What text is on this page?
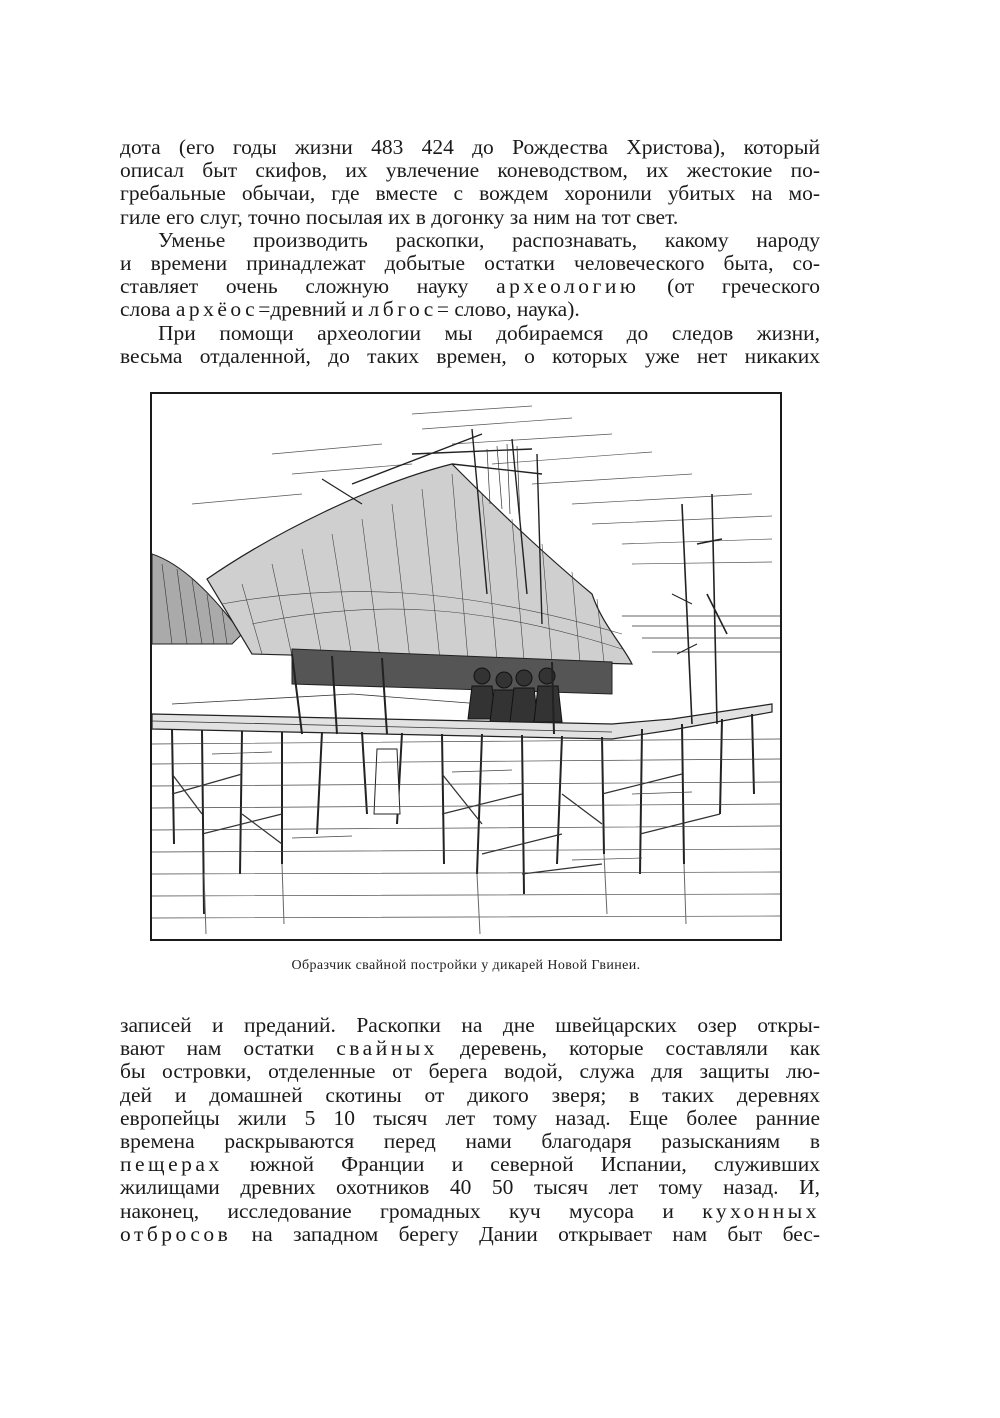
дота (его годы жизни 483 424 до Рождества Христова), который
описал быт скифов, их увлечение коневодством, их жестокие по-
гребальные обычаи, где вместе с вождем хоронили убитых на мо-
гиле его слуг, точно посылая их в догонку за ним на тот свет.
Уменье производить раскопки, распознавать, какому народу
и времени принадлежат добытые остатки человеческого быта, со-
ставляет очень сложную науку археологию (от греческого
слова архёос=древний и лбгос= слово, наука).
При помощи археологии мы добираемся до следов жизни,
весьма отдаленной, до таких времен, о которых уже нет никаких
Образчик свайной постройки у дикарей Новой Гвинеи.
записей и преданий. Раскопки на дне швейцарских озер откры-
вают нам остатки свайных деревень, которые составляли как
бы островки, отделенные от берега водой, служа для защиты лю-
дей и домашней скотины от дикого зверя; в таких деревнях
европейцы жили 5 10 тысяч лет тому назад. Еще более ранние
времена раскрываются перед нами благодаря разысканиям в
пещерах южной Франции и северной Испании, служивших
жилищами древних охотников 40 50 тысяч лет тому назад. И,
наконец, исследование громадных куч мусора и кухонных
отбросов на западном берегу Дании открывает нам быт бес-
